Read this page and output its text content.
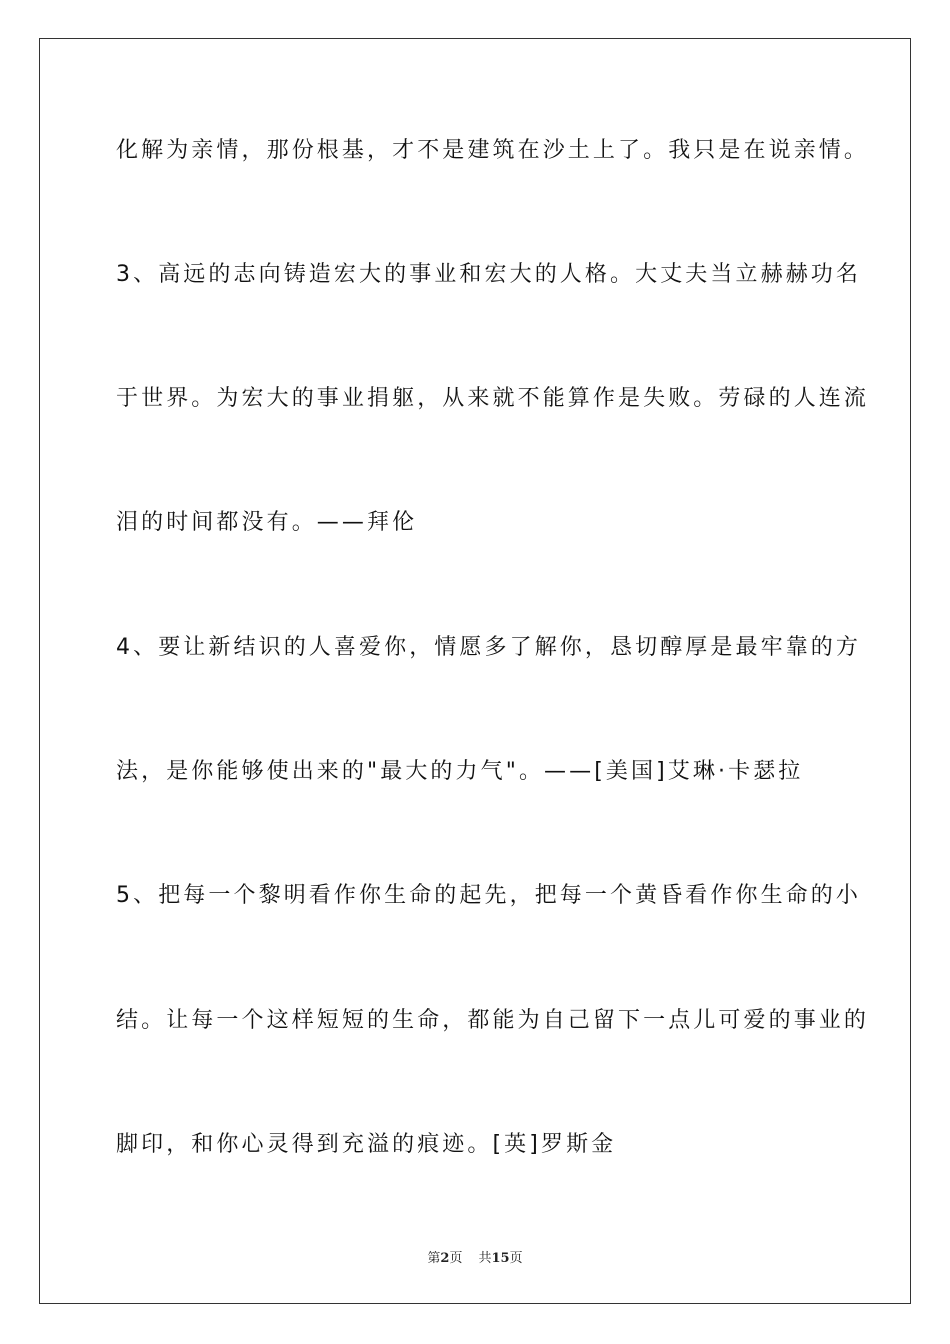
化解为亲情，那份根基，才不是建筑在沙土上了。我只是在说亲情。
3、高远的志向铸造宏大的事业和宏大的人格。大丈夫当立赫赫功名
于世界。为宏大的事业捐躯，从来就不能算作是失败。劳碌的人连流
泪的时间都没有。——拜伦
4、要让新结识的人喜爱你，情愿多了解你，恳切醇厚是最牢靠的方
法，是你能够使出来的"最大的力气"。——[美国]艾琳·卡瑟拉
5、把每一个黎明看作你生命的起先，把每一个黄昏看作你生命的小
结。让每一个这样短短的生命，都能为自己留下一点儿可爱的事业的
脚印，和你心灵得到充溢的痕迹。[英]罗斯金
第2页 共15页
